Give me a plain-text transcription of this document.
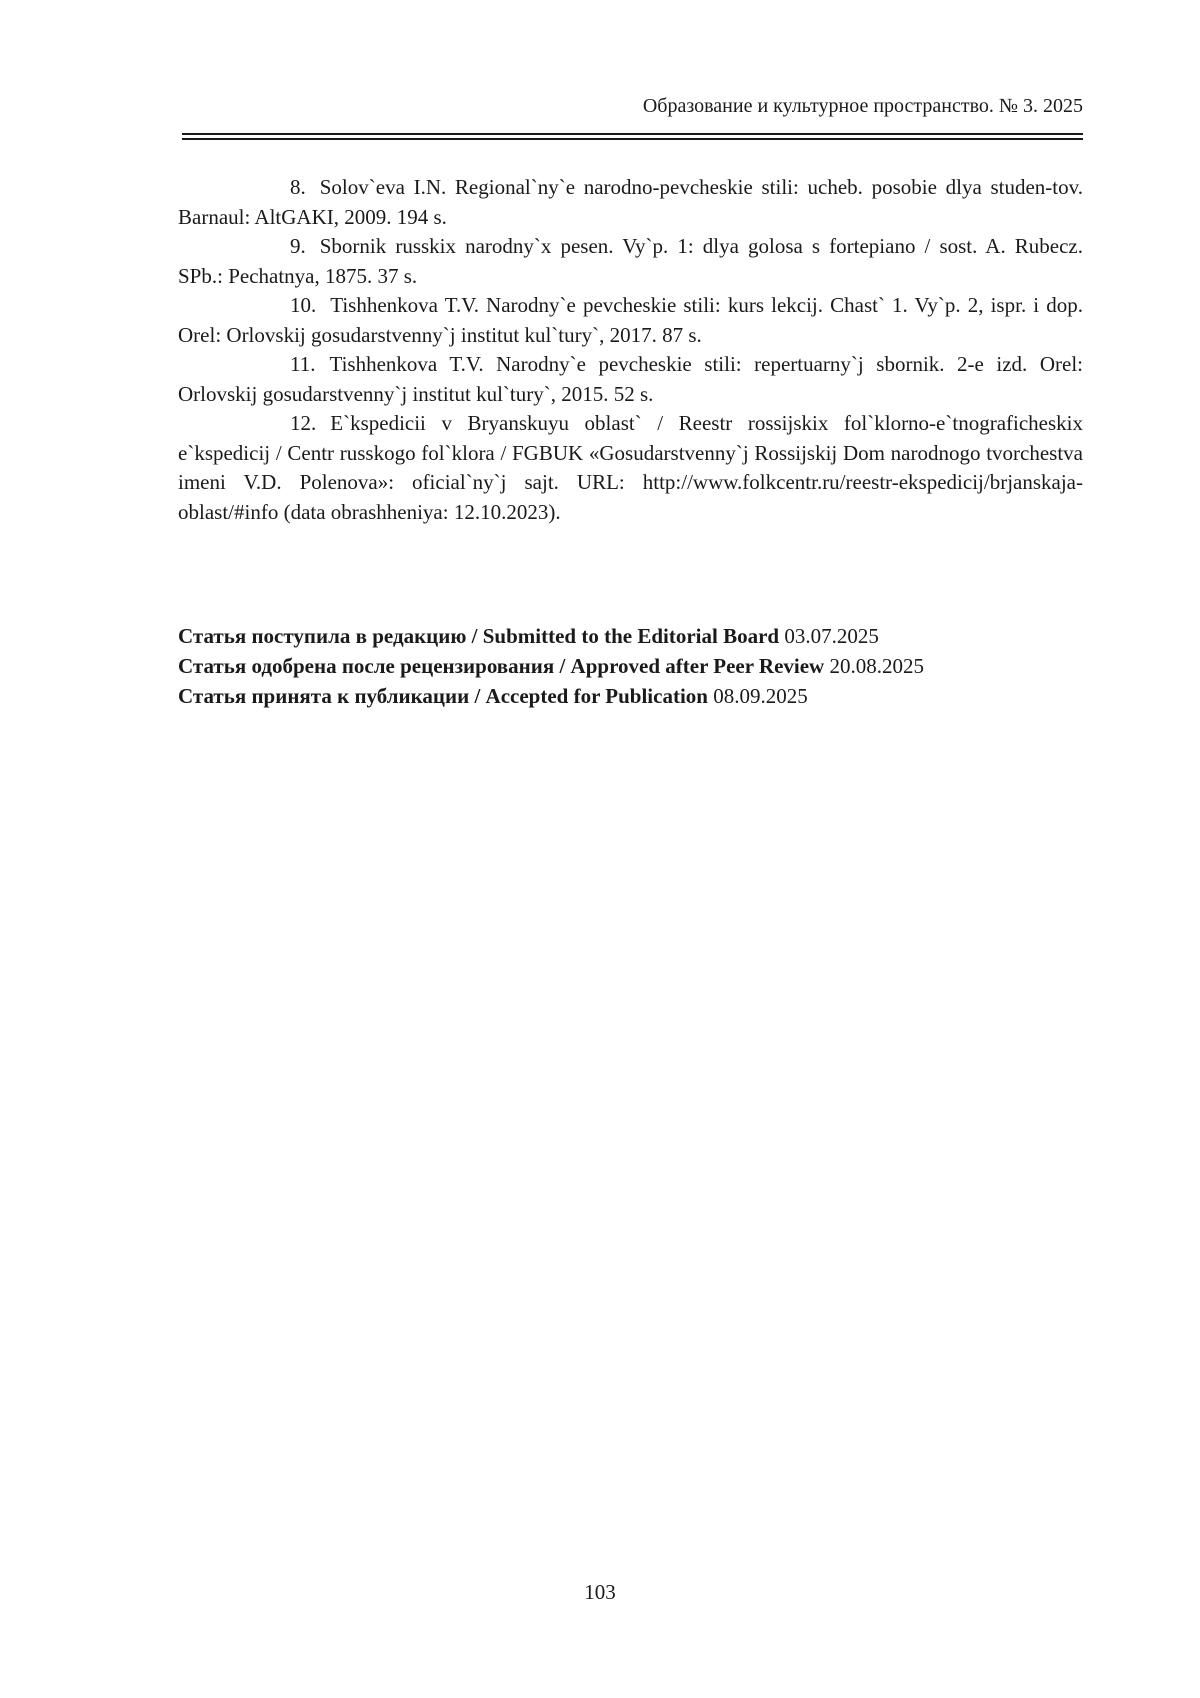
Образование и культурное пространство. № 3. 2025
8. Solov`eva I.N. Regional`ny`e narodno-pevcheskie stili: ucheb. posobie dlya studen-tov. Barnaul: AltGAKI, 2009. 194 s.
9. Sbornik russkix narodny`x pesen. Vy`p. 1: dlya golosa s fortepiano / sost. A. Rubecz. SPb.: Pechatnya, 1875. 37 s.
10. Tishhenkova T.V. Narodny`e pevcheskie stili: kurs lekcij. Chast` 1. Vy`p. 2, ispr. i dop. Orel: Orlovskij gosudarstvenny`j institut kul`tury`, 2017. 87 s.
11. Tishhenkova T.V. Narodny`e pevcheskie stili: repertuarny`j sbornik. 2-e izd. Orel: Orlovskij gosudarstvenny`j institut kul`tury`, 2015. 52 s.
12. E`kspedicii v Bryanskuyu oblast` / Reestr rossijskix fol`klorno-e`tnograficheskix e`kspedicij / Centr russkogo fol`klora / FGBUK «Gosudarstvenny`j Rossijskij Dom narodnogo tvorchestva imeni V.D. Polenova»: oficial`ny`j sajt. URL: http://www.folkcentr.ru/reestr-ekspedicij/brjanskaja-oblast/#info (data obrashheniya: 12.10.2023).
Статья поступила в редакцию / Submitted to the Editorial Board 03.07.2025
Статья одобрена после рецензирования / Approved after Peer Review 20.08.2025
Статья принята к публикации / Accepted for Publication 08.09.2025
103
